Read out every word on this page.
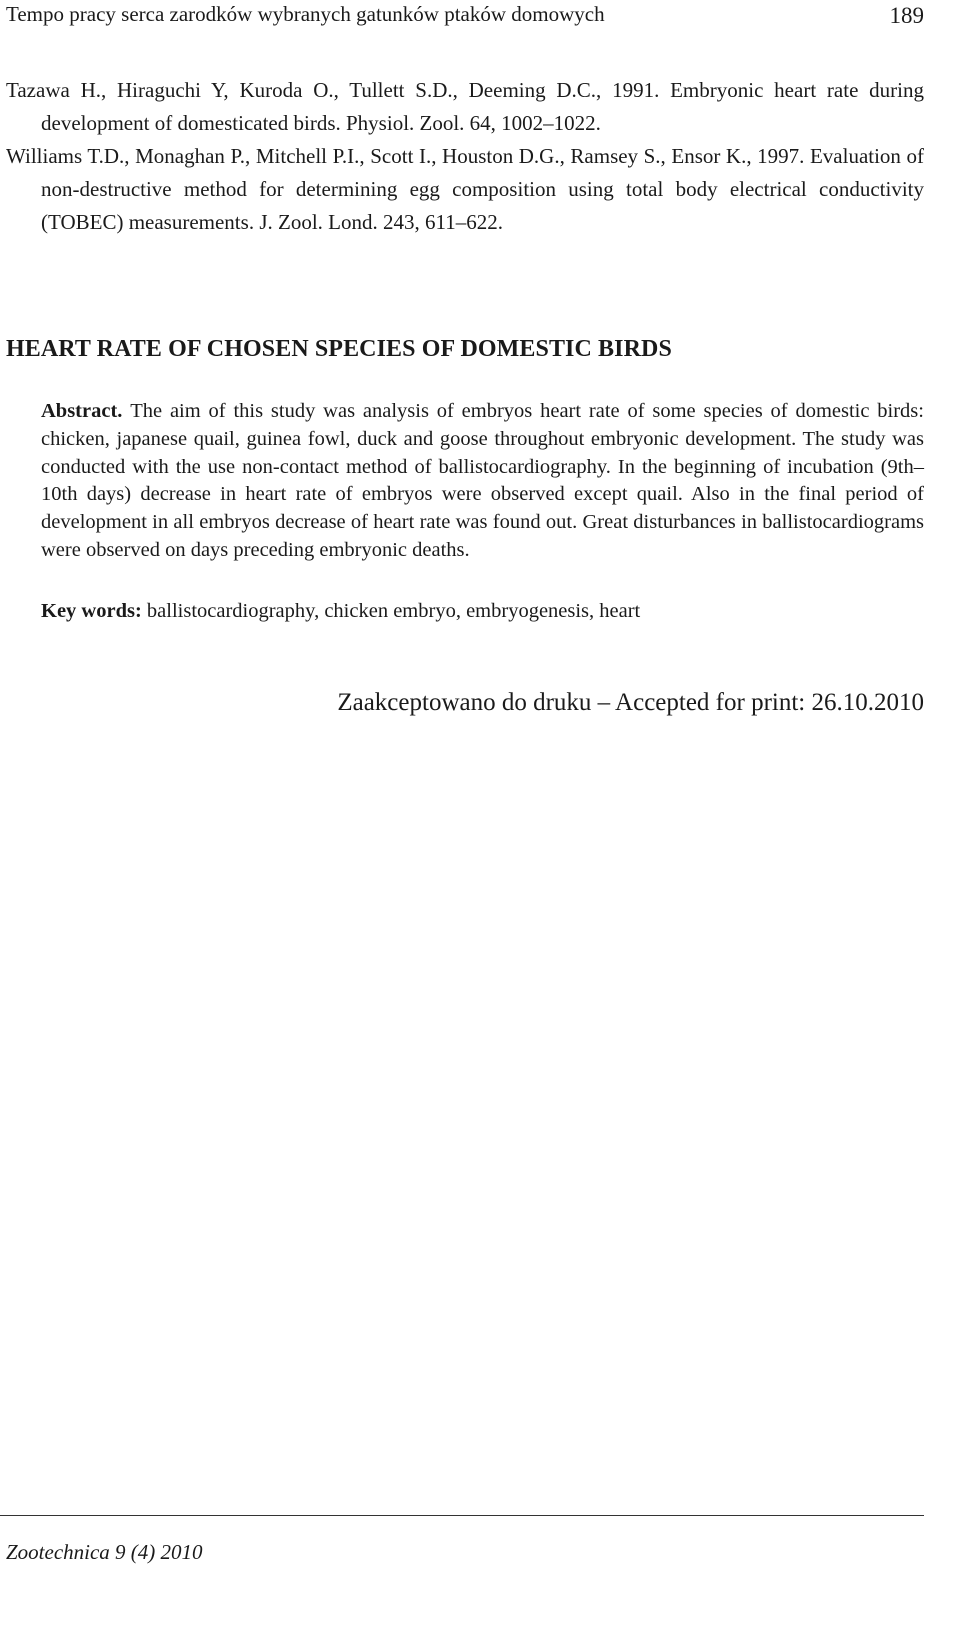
Tempo pracy serca zarodków wybranych gatunków ptaków domowych	189

Tazawa H., Hiraguchi Y, Kuroda O., Tullett S.D., Deeming D.C., 1991. Embryonic heart rate during development of domesticated birds. Physiol. Zool. 64, 1002–1022.

Williams T.D., Monaghan P., Mitchell P.I., Scott I., Houston D.G., Ramsey S., Ensor K., 1997. Evaluation of non-destructive method for determining egg composition using total body electrical conductivity (TOBEC) measurements. J. Zool. Lond. 243, 611–622.

HEART RATE OF CHOSEN SPECIES OF DOMESTIC BIRDS
Abstract. The aim of this study was analysis of embryos heart rate of some species of domestic birds: chicken, japanese quail, guinea fowl, duck and goose throughout embryonic development. The study was conducted with the use non-contact method of ballistocardiography. In the beginning of incubation (9th–10th days) decrease in heart rate of embryos were observed except quail. Also in the final period of development in all embryos decrease of heart rate was found out. Great disturbances in ballistocardiograms were observed on days preceding embryonic deaths.
Key words: ballistocardiography, chicken embryo, embryogenesis, heart
Zaakceptowano do druku – Accepted for print: 26.10.2010
Zootechnica 9 (4) 2010
